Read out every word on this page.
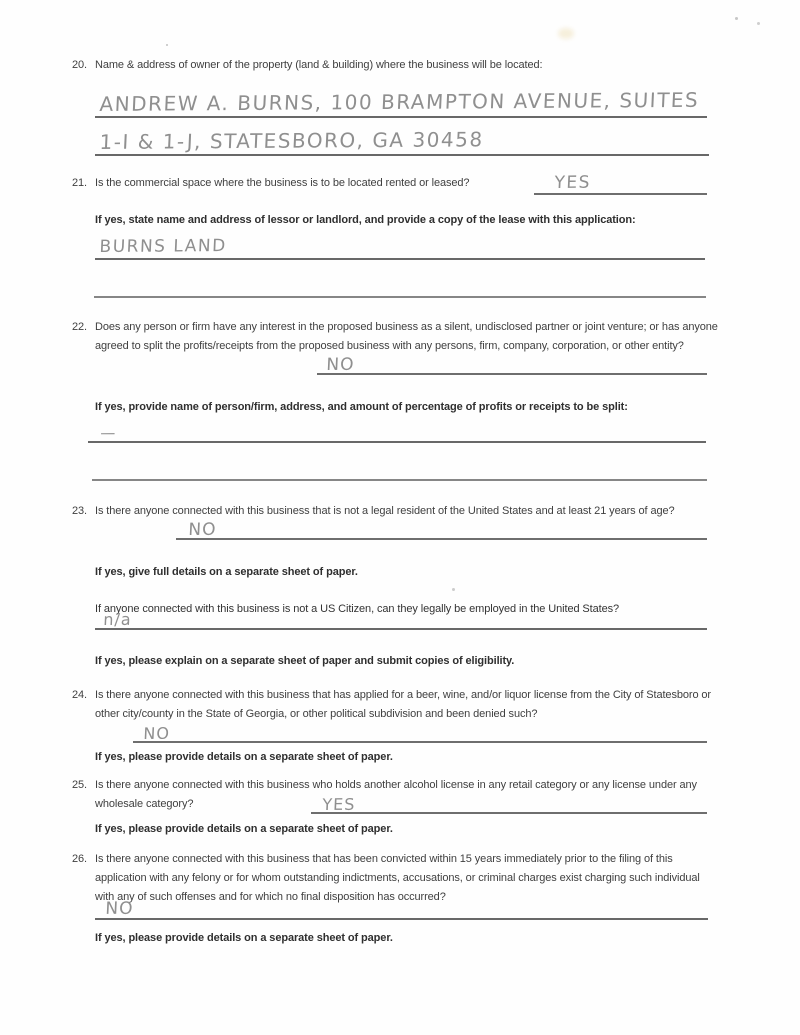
20. Name & address of owner of the property (land & building) where the business will be located:
ANDREW A. BURNS, 100 BRAMPTON AVENUE, SUITES
1-I & 1-J, STATESBORO, GA 30458
21. Is the commercial space where the business is to be located rented or leased?	YES
If yes, state name and address of lessor or landlord, and provide a copy of the lease with this application:
BURNS LAND
22. Does any person or firm have any interest in the proposed business as a silent, undisclosed partner or joint venture; or has anyone agreed to split the profits/receipts from the proposed business with any persons, firm, company, corporation, or other entity?
NO
If yes, provide name of person/firm, address, and amount of percentage of profits or receipts to be split:
—
23. Is there anyone connected with this business that is not a legal resident of the United States and at least 21 years of age?
NO
If yes, give full details on a separate sheet of paper.
If anyone connected with this business is not a US Citizen, can they legally be employed in the United States?
n/a
If yes, please explain on a separate sheet of paper and submit copies of eligibility.
24. Is there anyone connected with this business that has applied for a beer, wine, and/or liquor license from the City of Statesboro or other city/county in the State of Georgia, or other political subdivision and been denied such?
NO
If yes, please provide details on a separate sheet of paper.
25. Is there anyone connected with this business who holds another alcohol license in any retail category or any license under any wholesale category?	YES
If yes, please provide details on a separate sheet of paper.
26. Is there anyone connected with this business that has been convicted within 15 years immediately prior to the filing of this application with any felony or for whom outstanding indictments, accusations, or criminal charges exist charging such individual with any of such offenses and for which no final disposition has occurred?
NO
If yes, please provide details on a separate sheet of paper.
